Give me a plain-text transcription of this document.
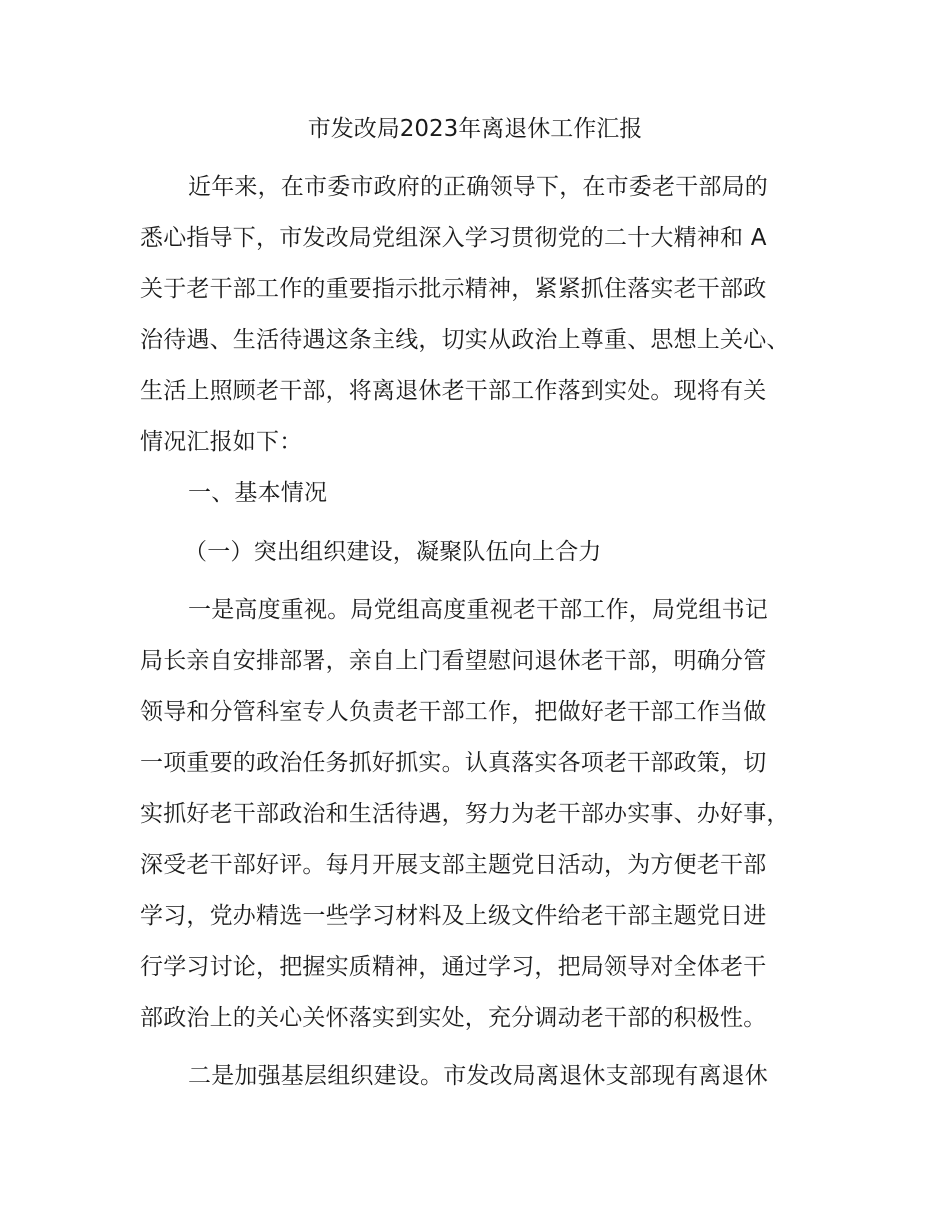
市发改局2023年离退休工作汇报
近年来，在市委市政府的正确领导下，在市委老干部局的
悉心指导下，市发改局党组深入学习贯彻党的二十大精神和 A
关于老干部工作的重要指示批示精神，紧紧抓住落实老干部政
治待遇、生活待遇这条主线，切实从政治上尊重、思想上关心、
生活上照顾老干部，将离退休老干部工作落到实处。现将有关
情况汇报如下：
一、基本情况
（一）突出组织建设，凝聚队伍向上合力
一是高度重视。局党组高度重视老干部工作，局党组书记
局长亲自安排部署，亲自上门看望慰问退休老干部，明确分管
领导和分管科室专人负责老干部工作，把做好老干部工作当做
一项重要的政治任务抓好抓实。认真落实各项老干部政策，切
实抓好老干部政治和生活待遇，努力为老干部办实事、办好事，
深受老干部好评。每月开展支部主题党日活动，为方便老干部
学习，党办精选一些学习材料及上级文件给老干部主题党日进
行学习讨论，把握实质精神，通过学习，把局领导对全体老干
部政治上的关心关怀落实到实处，充分调动老干部的积极性。
二是加强基层组织建设。市发改局离退休支部现有离退休
